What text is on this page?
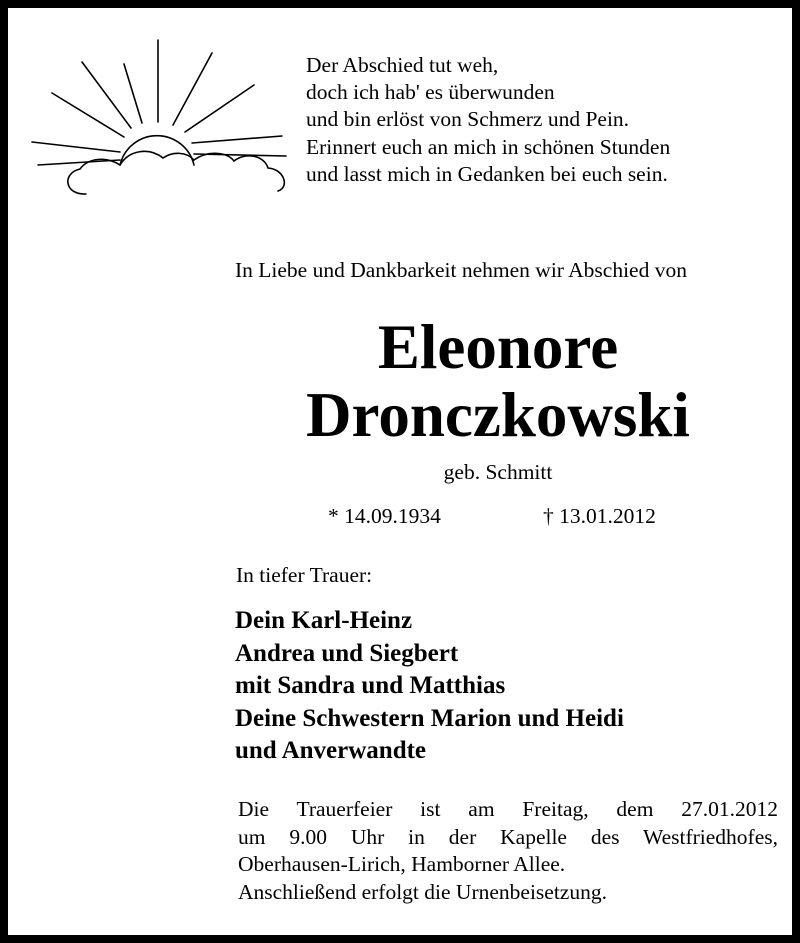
Der Abschied tut weh,
doch ich hab' es überwunden
und bin erlöst von Schmerz und Pein.
Erinnert euch an mich in schönen Stunden
und lasst mich in Gedanken bei euch sein.
In Liebe und Dankbarkeit nehmen wir Abschied von
Eleonore
Dronczkowski
geb. Schmitt
* 14.09.1934	† 13.01.2012
In tiefer Trauer:
Dein Karl-Heinz
Andrea und Siegbert
mit Sandra und Matthias
Deine Schwestern Marion und Heidi
und Anverwandte
Die Trauerfeier ist am Freitag, dem 27.01.2012
um 9.00 Uhr in der Kapelle des Westfriedhofes,
Oberhausen-Lirich, Hamborner Allee.
Anschließend erfolgt die Urnenbeisetzung.
